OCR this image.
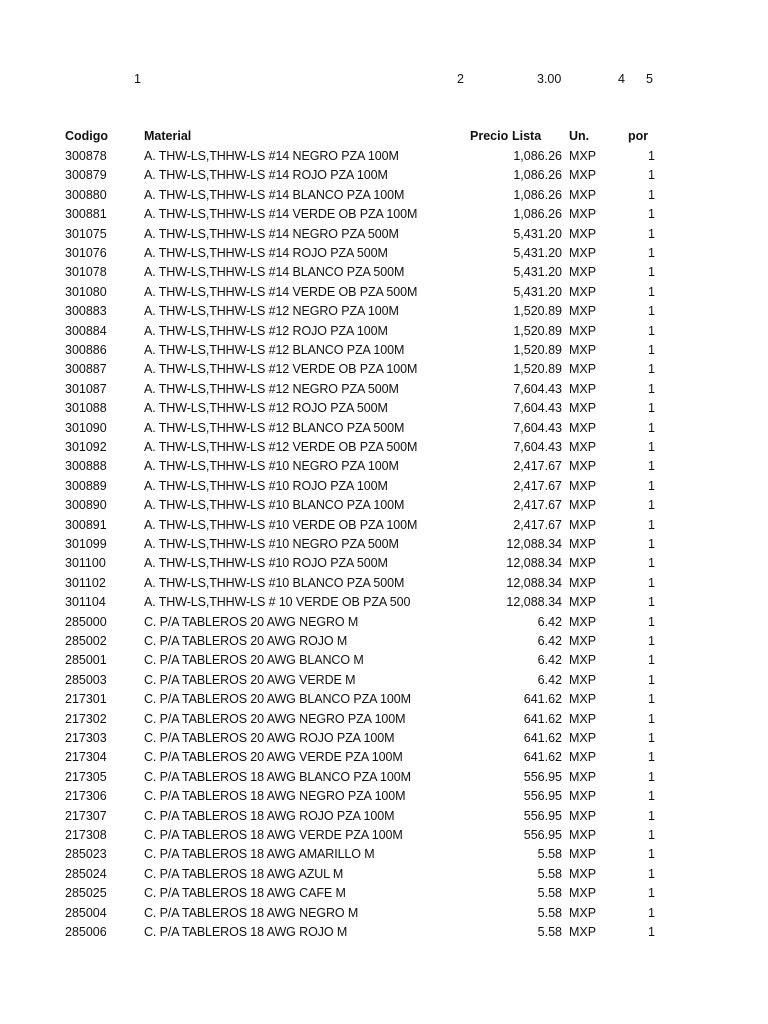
1	2	3.00	4 5
Codigo	Material	Precio Lista Un.	por
300878	A. THW-LS,THHW-LS #14 NEGRO PZA 100M	1,086.26 MXP	1
300879	A. THW-LS,THHW-LS #14 ROJO PZA 100M	1,086.26 MXP	1
300880	A. THW-LS,THHW-LS #14 BLANCO PZA 100M	1,086.26 MXP	1
300881	A. THW-LS,THHW-LS #14 VERDE OB PZA 100M	1,086.26 MXP	1
301075	A. THW-LS,THHW-LS #14 NEGRO PZA 500M	5,431.20 MXP	1
301076	A. THW-LS,THHW-LS #14 ROJO PZA 500M	5,431.20 MXP	1
301078	A. THW-LS,THHW-LS #14 BLANCO PZA 500M	5,431.20 MXP	1
301080	A. THW-LS,THHW-LS #14 VERDE OB PZA 500M	5,431.20 MXP	1
300883	A. THW-LS,THHW-LS #12 NEGRO PZA 100M	1,520.89 MXP	1
300884	A. THW-LS,THHW-LS #12 ROJO PZA 100M	1,520.89 MXP	1
300886	A. THW-LS,THHW-LS #12 BLANCO PZA 100M	1,520.89 MXP	1
300887	A. THW-LS,THHW-LS #12 VERDE OB PZA 100M	1,520.89 MXP	1
301087	A. THW-LS,THHW-LS #12 NEGRO PZA 500M	7,604.43 MXP	1
301088	A. THW-LS,THHW-LS #12 ROJO PZA 500M	7,604.43 MXP	1
301090	A. THW-LS,THHW-LS #12 BLANCO PZA 500M	7,604.43 MXP	1
301092	A. THW-LS,THHW-LS #12 VERDE OB PZA 500M	7,604.43 MXP	1
300888	A. THW-LS,THHW-LS #10 NEGRO PZA 100M	2,417.67 MXP	1
300889	A. THW-LS,THHW-LS #10 ROJO PZA 100M	2,417.67 MXP	1
300890	A. THW-LS,THHW-LS #10 BLANCO PZA 100M	2,417.67 MXP	1
300891	A. THW-LS,THHW-LS #10 VERDE OB PZA 100M	2,417.67 MXP	1
301099	A. THW-LS,THHW-LS #10 NEGRO PZA 500M	12,088.34 MXP	1
301100	A. THW-LS,THHW-LS #10 ROJO PZA 500M	12,088.34 MXP	1
301102	A. THW-LS,THHW-LS #10 BLANCO PZA 500M	12,088.34 MXP	1
301104	A. THW-LS,THHW-LS # 10 VERDE OB PZA 500	12,088.34 MXP	1
285000	C. P/A TABLEROS 20 AWG NEGRO M	6.42 MXP	1
285002	C. P/A TABLEROS 20 AWG ROJO M	6.42 MXP	1
285001	C. P/A TABLEROS 20 AWG BLANCO M	6.42 MXP	1
285003	C. P/A TABLEROS 20 AWG VERDE M	6.42 MXP	1
217301	C. P/A TABLEROS 20 AWG BLANCO PZA 100M	641.62 MXP	1
217302	C. P/A TABLEROS 20 AWG NEGRO PZA 100M	641.62 MXP	1
217303	C. P/A TABLEROS 20 AWG ROJO PZA 100M	641.62 MXP	1
217304	C. P/A TABLEROS 20 AWG VERDE PZA 100M	641.62 MXP	1
217305	C. P/A TABLEROS 18 AWG BLANCO PZA 100M	556.95 MXP	1
217306	C. P/A TABLEROS 18 AWG NEGRO PZA 100M	556.95 MXP	1
217307	C. P/A TABLEROS 18 AWG ROJO PZA 100M	556.95 MXP	1
217308	C. P/A TABLEROS 18 AWG VERDE PZA 100M	556.95 MXP	1
285023	C. P/A TABLEROS 18 AWG AMARILLO M	5.58 MXP	1
285024	C. P/A TABLEROS 18 AWG AZUL M	5.58 MXP	1
285025	C. P/A TABLEROS 18 AWG CAFE M	5.58 MXP	1
285004	C. P/A TABLEROS 18 AWG NEGRO M	5.58 MXP	1
285006	C. P/A TABLEROS 18 AWG ROJO M	5.58 MXP	1
